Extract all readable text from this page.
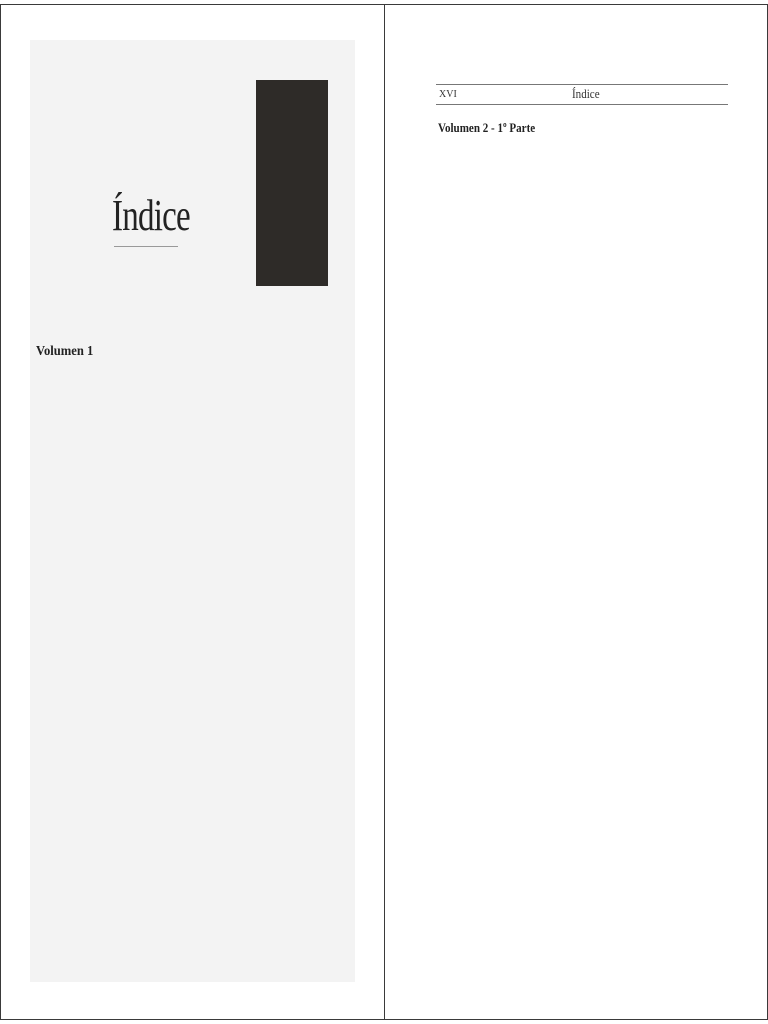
Índice
Volumen 1
XVI	Índice
Volumen 2 - 1º Parte
